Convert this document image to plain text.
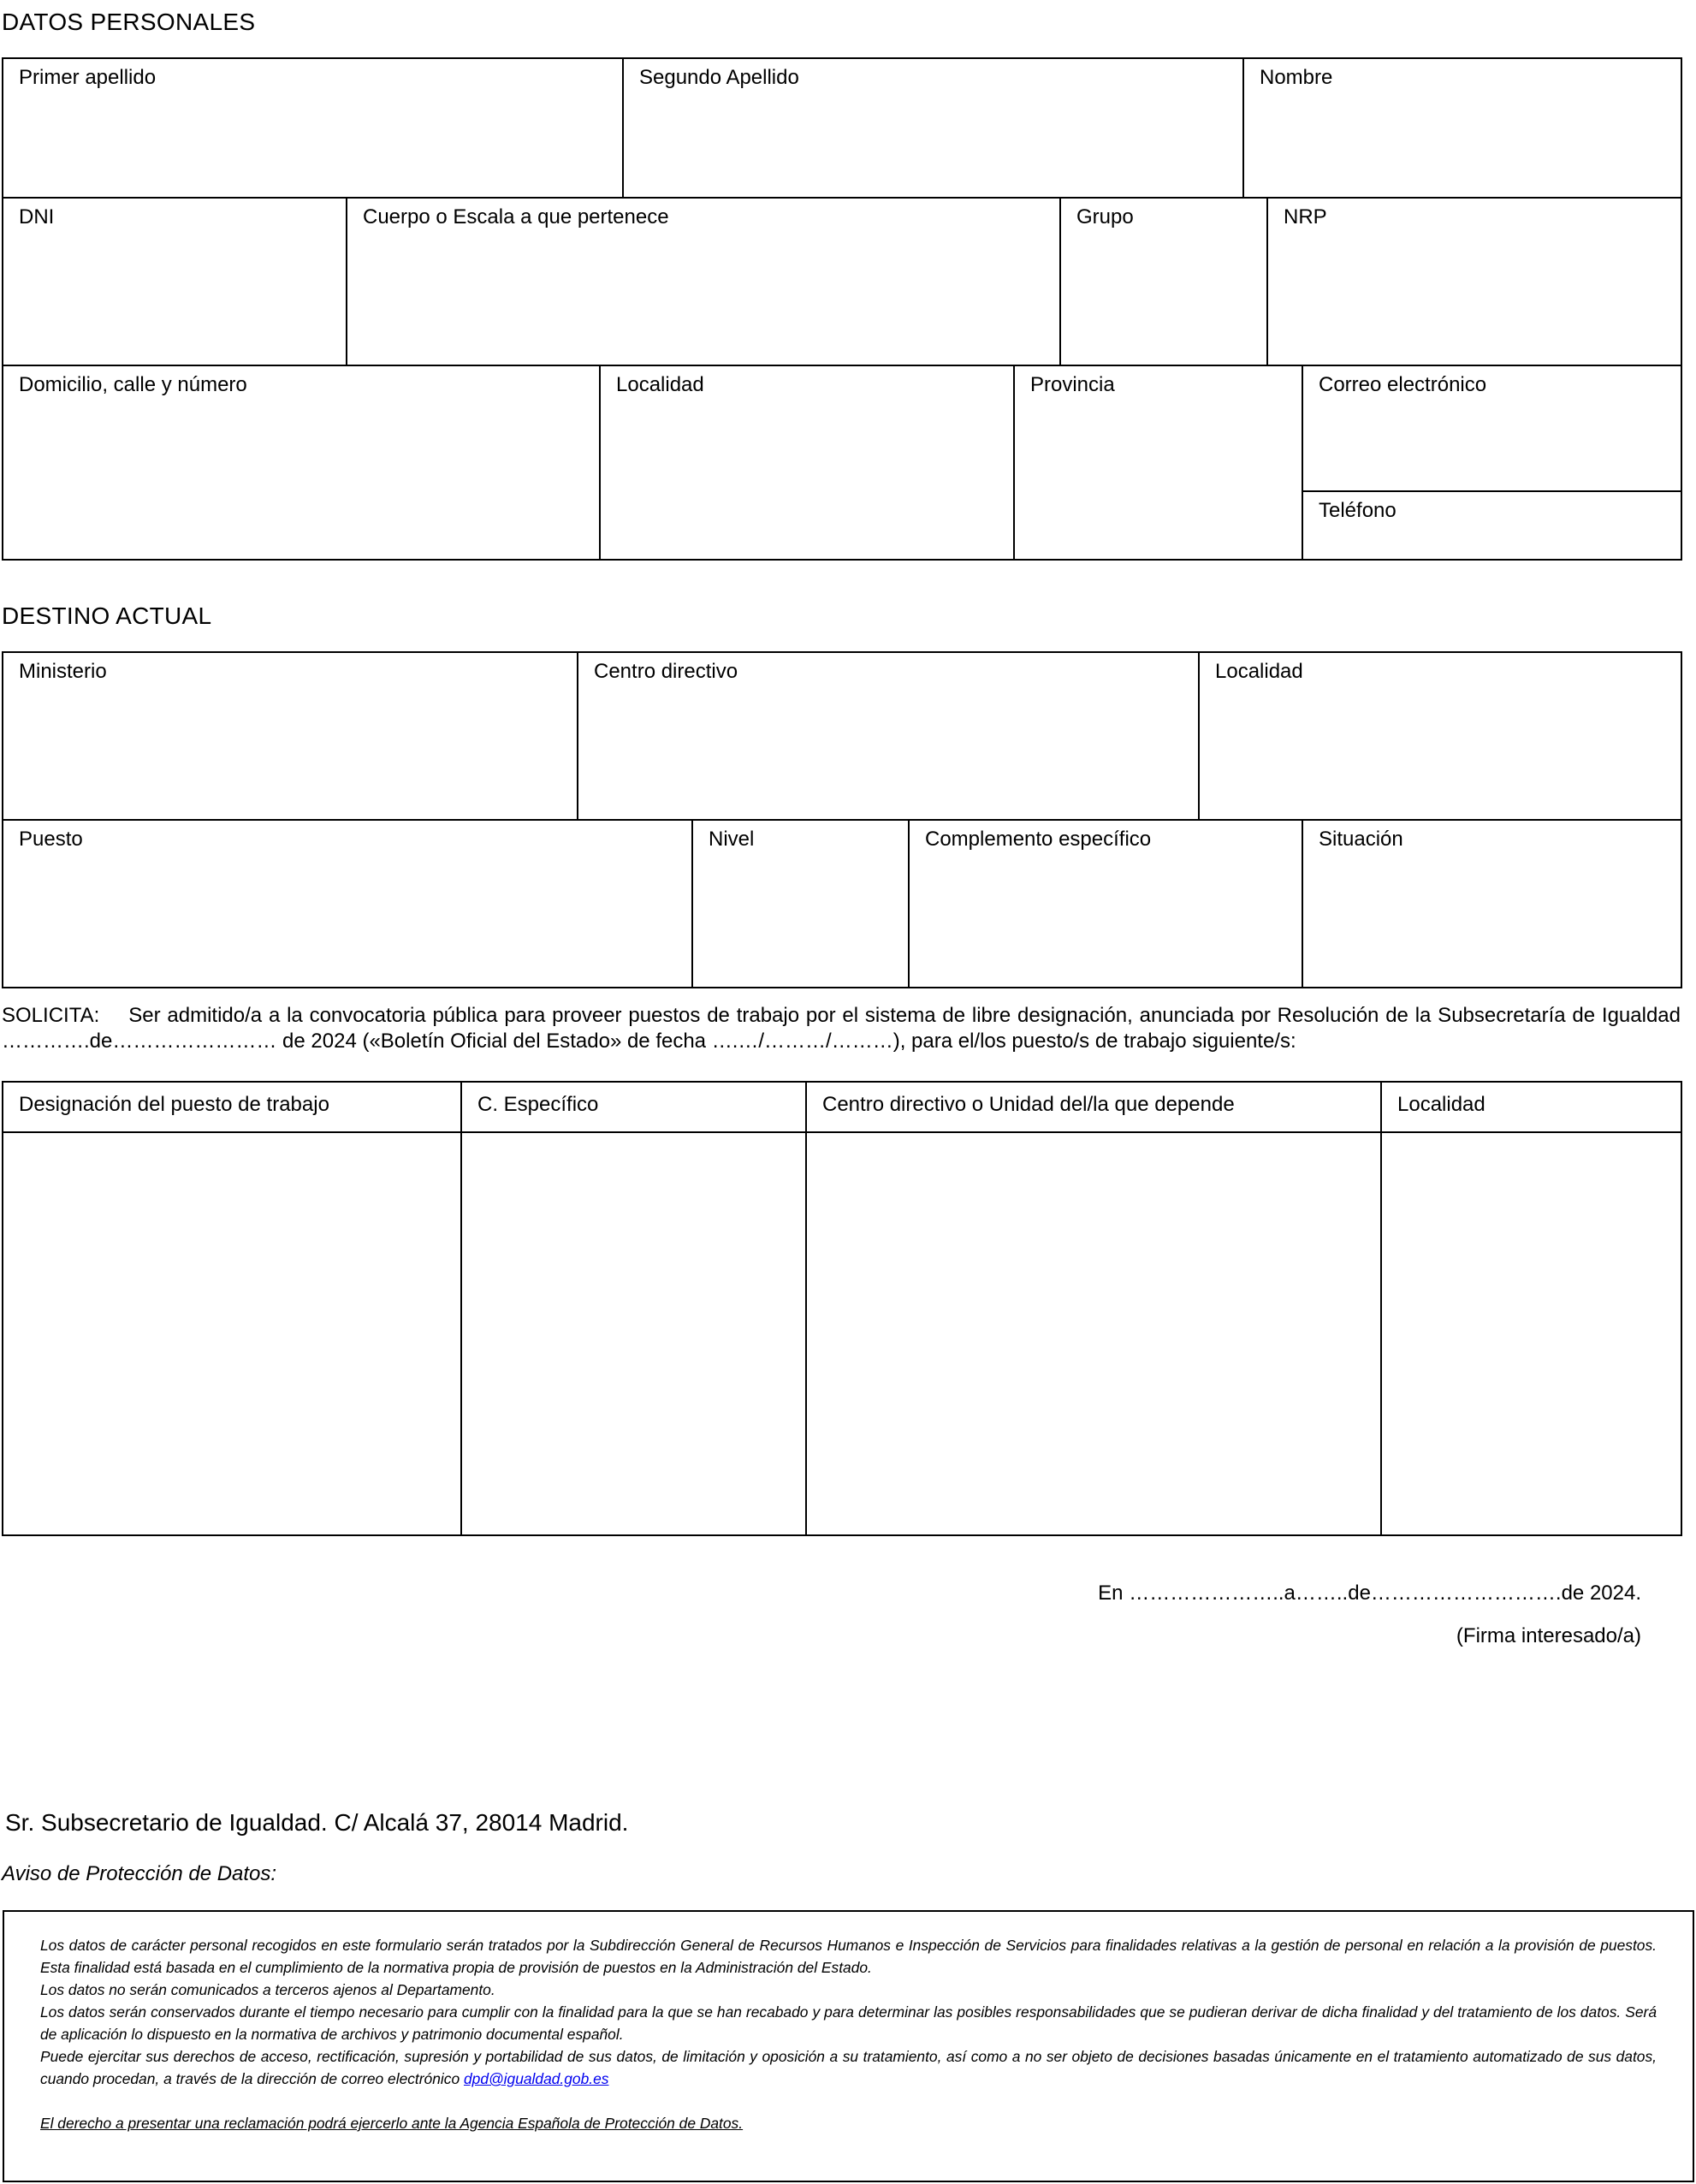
DATOS PERSONALES
Primer apellido	Segundo Apellido	Nombre
DNI	Cuerpo o Escala a que pertenece	Grupo	NRP
Domicilio, calle y número	Localidad	Provincia	Correo electrónico
Teléfono
DESTINO ACTUAL
Ministerio	Centro directivo	Localidad
Puesto	Nivel	Complemento específico	Situación
SOLICITA: Ser admitido/a a la convocatoria pública para proveer puestos de trabajo por el sistema de libre designación, anunciada por Resolución de la Subsecretaría de Igualdad ………….de…………………… de 2024 («Boletín Oficial del Estado» de fecha ….…/………/………), para el/los puesto/s de trabajo siguiente/s:
Designación del puesto de trabajo	C. Específico	Centro directivo o Unidad del/la que depende	Localidad
En …………………..a……..de……………………….de 2024.
(Firma interesado/a)
Sr. Subsecretario de Igualdad. C/ Alcalá 37, 28014 Madrid.
Aviso de Protección de Datos:

Los datos de carácter personal recogidos en este formulario serán tratados por la Subdirección General de Recursos Humanos e Inspección de Servicios para finalidades relativas a la gestión de personal en relación a la provisión de puestos. Esta finalidad está basada en el cumplimiento de la normativa propia de provisión de puestos en la Administración del Estado.

Los datos no serán comunicados a terceros ajenos al Departamento.

Los datos serán conservados durante el tiempo necesario para cumplir con la finalidad para la que se han recabado y para determinar las posibles responsabilidades que se pudieran derivar de dicha finalidad y del tratamiento de los datos. Será de aplicación lo dispuesto en la normativa de archivos y patrimonio documental español.

Puede ejercitar sus derechos de acceso, rectificación, supresión y portabilidad de sus datos, de limitación y oposición a su tratamiento, así como a no ser objeto de decisiones basadas únicamente en el tratamiento automatizado de sus datos, cuando procedan, a través de la dirección de correo electrónico dpd@igualdad.gob.es

El derecho a presentar una reclamación podrá ejercerlo ante la Agencia Española de Protección de Datos.
